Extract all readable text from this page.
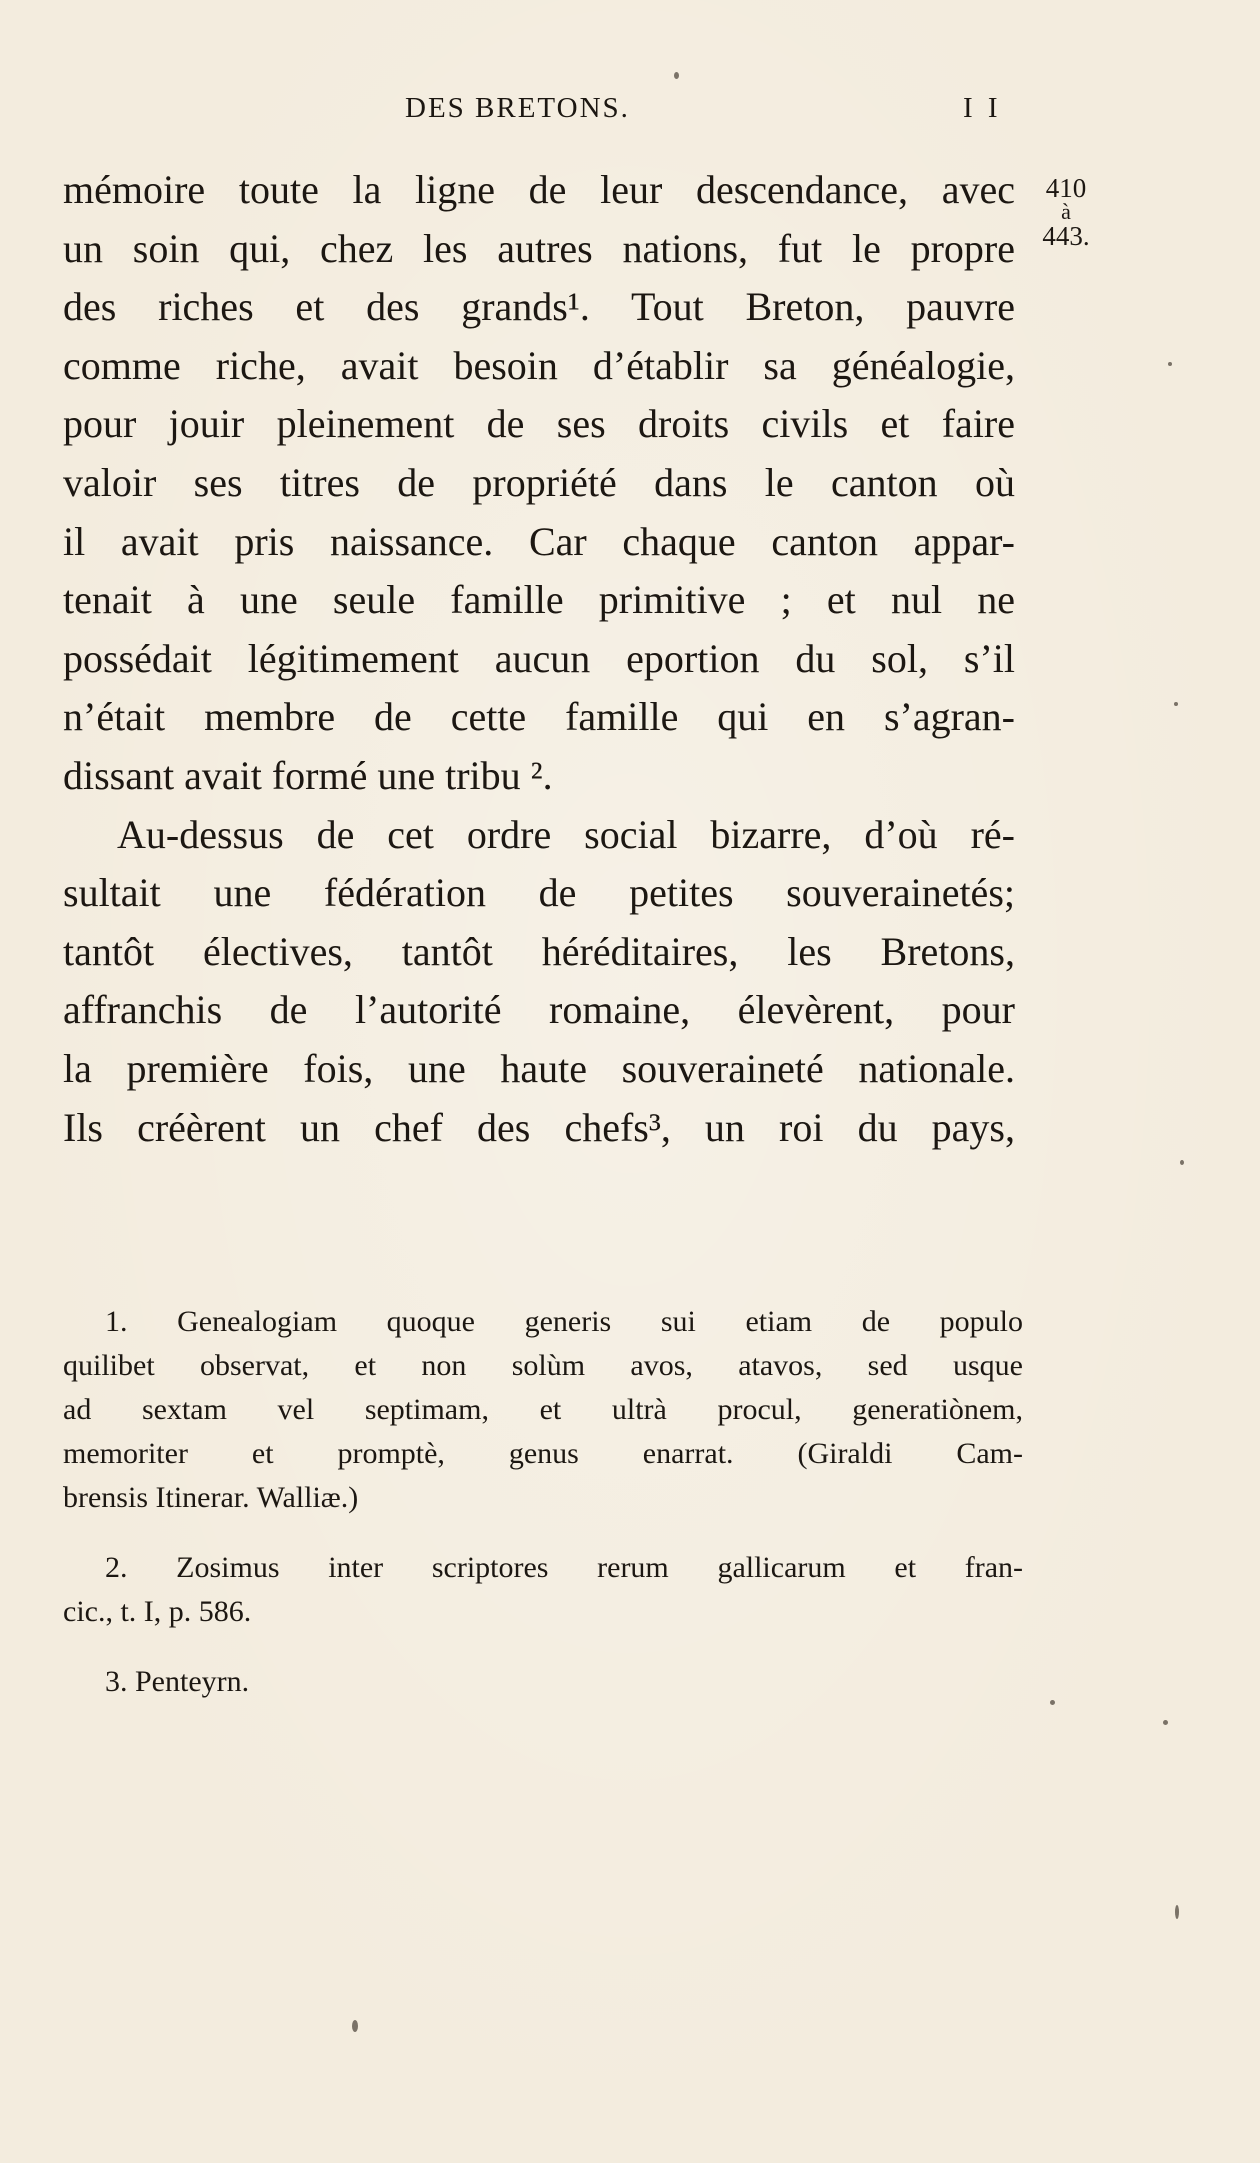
DES BRETONS.	I I
410
à
443.
mémoire toute la ligne de leur descendance, avec
un soin qui, chez les autres nations, fut le propre
des riches et des grands¹. Tout Breton, pauvre
comme riche, avait besoin d’établir sa généalogie,
pour jouir pleinement de ses droits civils et faire
valoir ses titres de propriété dans le canton où
il avait pris naissance. Car chaque canton appar-
tenait à une seule famille primitive ; et nul ne
possédait légitimement aucun eportion du sol, s’il
n’était membre de cette famille qui en s’agran-
dissant avait formé une tribu ².
Au-dessus de cet ordre social bizarre, d’où ré-
sultait une fédération de petites souverainetés;
tantôt électives, tantôt héréditaires, les Bretons,
affranchis de l’autorité romaine, élevèrent, pour
la première fois, une haute souveraineté nationale.
Ils créèrent un chef des chefs³, un roi du pays,
1. Genealogiam quoque generis sui etiam de populo
quilibet observat, et non solùm avos, atavos, sed usque
ad sextam vel septimam, et ultrà procul, generatiònem,
memoriter et promptè, genus enarrat. (Giraldi Cam-
brensis Itinerar. Walliæ.)
2. Zosimus inter scriptores rerum gallicarum et fran-
cic., t. I, p. 586.
3. Penteyrn.
